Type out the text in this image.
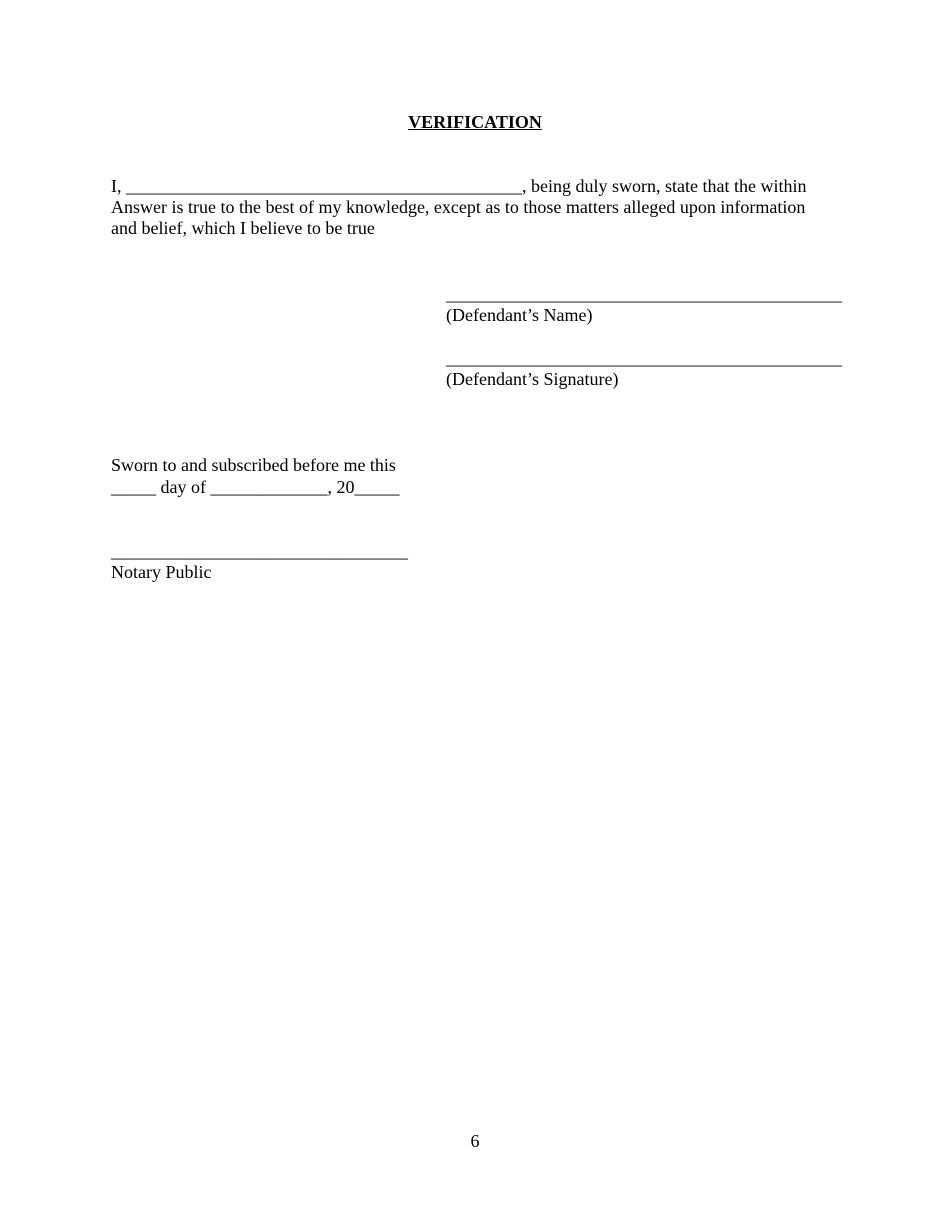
VERIFICATION
I, ____________________________________________, being duly sworn, state that the within
Answer is true to the best of my knowledge, except as to those matters alleged upon information
and belief, which I believe to be true
____________________________________________
(Defendant’s Name)
____________________________________________
(Defendant’s Signature)
Sworn to and subscribed before me this
_____ day of _____________, 20_____
_________________________________
Notary Public
6
